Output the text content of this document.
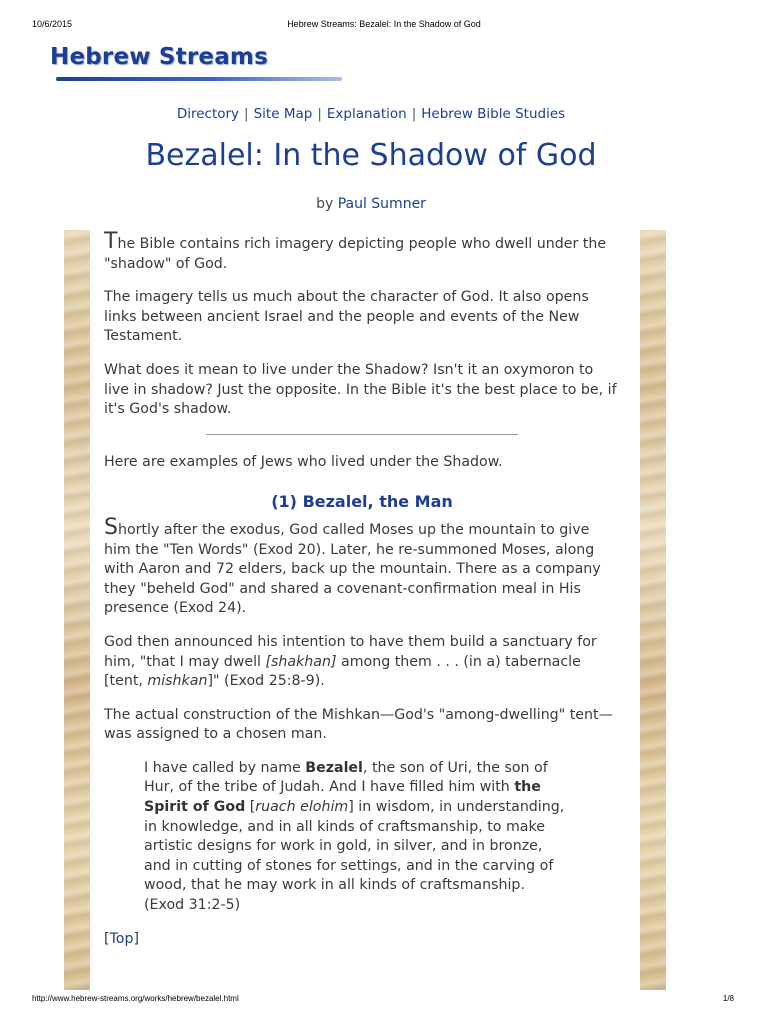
10/6/2015	Hebrew Streams: Bezalel: In the Shadow of God
Hebrew Streams
Directory | Site Map | Explanation | Hebrew Bible Studies
Bezalel: In the Shadow of God
by Paul Sumner

The Bible contains rich imagery depicting people who dwell under the "shadow" of God.

The imagery tells us much about the character of God. It also opens links between ancient Israel and the people and events of the New Testament.

What does it mean to live under the Shadow? Isn't it an oxymoron to live in shadow? Just the opposite. In the Bible it's the best place to be, if it's God's shadow.

Here are examples of Jews who lived under the Shadow.

(1) Bezalel, the Man

Shortly after the exodus, God called Moses up the mountain to give him the "Ten Words" (Exod 20). Later, he re-summoned Moses, along with Aaron and 72 elders, back up the mountain. There as a company they "beheld God" and shared a covenant-confirmation meal in His presence (Exod 24).

God then announced his intention to have them build a sanctuary for him, "that I may dwell [shakhan] among them . . . (in a) tabernacle [tent, mishkan]" (Exod 25:8-9).

The actual construction of the Mishkan—God's "among-dwelling" tent—was assigned to a chosen man.

I have called by name Bezalel, the son of Uri, the son of Hur, of the tribe of Judah. And I have filled him with the Spirit of God [ruach elohim] in wisdom, in understanding, in knowledge, and in all kinds of craftsmanship, to make artistic designs for work in gold, in silver, and in bronze, and in cutting of stones for settings, and in the carving of wood, that he may work in all kinds of craftsmanship. (Exod 31:2-5)
[Top]
http://www.hebrew-streams.org/works/hebrew/bezalel.html	1/8
